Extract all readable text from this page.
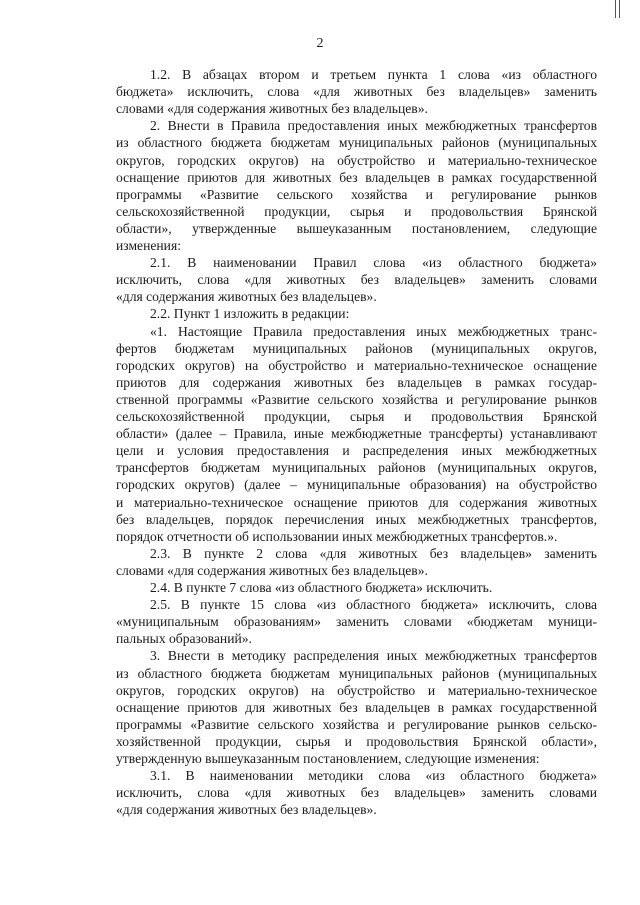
2
1.2. В абзацах втором и третьем пункта 1 слова «из областного
бюджета» исключить, слова «для животных без владельцев» заменить
словами «для содержания животных без владельцев».
2. Внести в Правила предоставления иных межбюджетных трансфертов
из областного бюджета бюджетам муниципальных районов (муниципальных
округов, городских округов) на обустройство и материально-техническое
оснащение приютов для животных без владельцев в рамках государственной
программы «Развитие сельского хозяйства и регулирование рынков
сельскохозяйственной продукции, сырья и продовольствия Брянской
области», утвержденные вышеуказанным постановлением, следующие
изменения:
2.1. В наименовании Правил слова «из областного бюджета»
исключить, слова «для животных без владельцев» заменить словами
«для содержания животных без владельцев».
2.2. Пункт 1 изложить в редакции:
«1. Настоящие Правила предоставления иных межбюджетных транс-
фертов бюджетам муниципальных районов (муниципальных округов,
городских округов) на обустройство и материально-техническое оснащение
приютов для содержания животных без владельцев в рамках государ-
ственной программы «Развитие сельского хозяйства и регулирование рынков
сельскохозяйственной продукции, сырья и продовольствия Брянской
области» (далее – Правила, иные межбюджетные трансферты) устанавливают
цели и условия предоставления и распределения иных межбюджетных
трансфертов бюджетам муниципальных районов (муниципальных округов,
городских округов) (далее – муниципальные образования) на обустройство
и материально-техническое оснащение приютов для содержания животных
без владельцев, порядок перечисления иных межбюджетных трансфертов,
порядок отчетности об использовании иных межбюджетных трансфертов.».
2.3. В пункте 2 слова «для животных без владельцев» заменить
словами «для содержания животных без владельцев».
2.4. В пункте 7 слова «из областного бюджета» исключить.
2.5. В пункте 15 слова «из областного бюджета» исключить, слова
«муниципальным образованиям» заменить словами «бюджетам муници-
пальных образований».
3. Внести в методику распределения иных межбюджетных трансфертов
из областного бюджета бюджетам муниципальных районов (муниципальных
округов, городских округов) на обустройство и материально-техническое
оснащение приютов для животных без владельцев в рамках государственной
программы «Развитие сельского хозяйства и регулирование рынков сельско-
хозяйственной продукции, сырья и продовольствия Брянской области»,
утвержденную вышеуказанным постановлением, следующие изменения:
3.1. В наименовании методики слова «из областного бюджета»
исключить, слова «для животных без владельцев» заменить словами
«для содержания животных без владельцев».
